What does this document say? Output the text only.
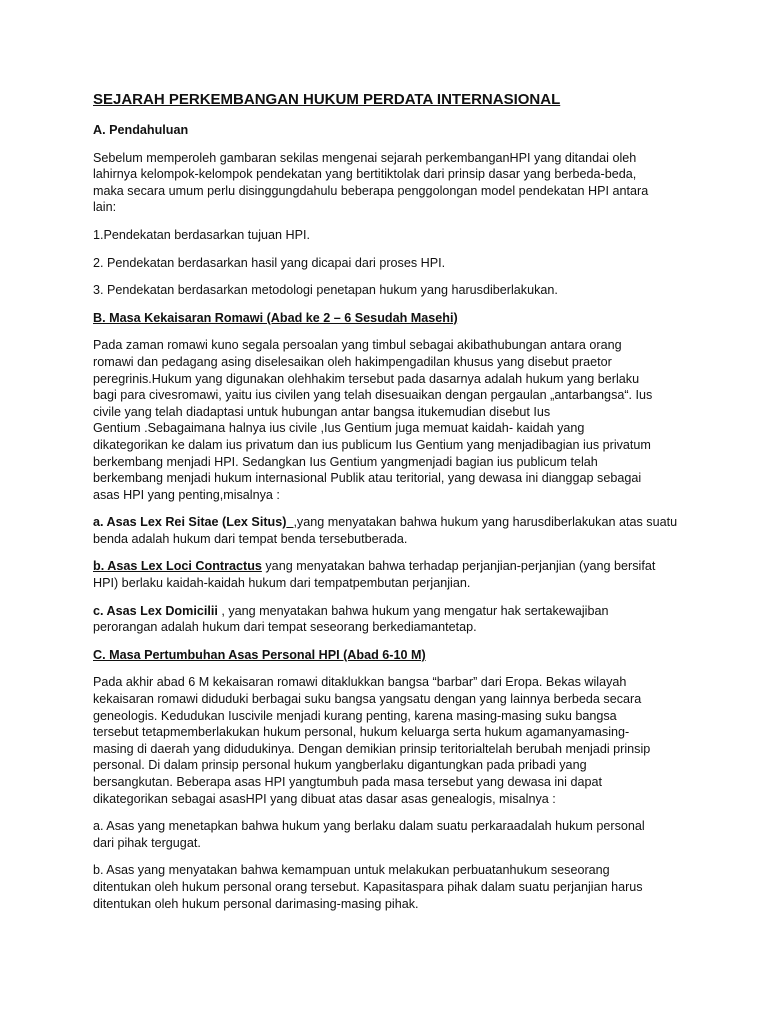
SEJARAH PERKEMBANGAN HUKUM PERDATA INTERNASIONAL
A. Pendahuluan

Sebelum memperoleh gambaran sekilas mengenai sejarah perkembanganHPI yang ditandai oleh
lahirnya kelompok-kelompok pendekatan yang bertitiktolak dari prinsip dasar yang berbeda-beda,
maka secara umum perlu disinggungdahulu beberapa penggolongan model pendekatan HPI antara
lain:

1.Pendekatan berdasarkan tujuan HPI.

2. Pendekatan berdasarkan hasil yang dicapai dari proses HPI.

3. Pendekatan berdasarkan metodologi penetapan hukum yang harusdiberlakukan.

B. Masa Kekaisaran Romawi (Abad ke 2 – 6 Sesudah Masehi)

Pada zaman romawi kuno segala persoalan yang timbul sebagai akibathubungan antara orang
romawi dan pedagang asing diselesaikan oleh hakimpengadilan khusus yang disebut praetor
peregrinis.Hukum yang digunakan olehhakim tersebut pada dasarnya adalah hukum yang berlaku
bagi para civesromawi, yaitu ius civilen yang telah disesuaikan dengan pergaulan „antarbangsa“. Ius
civile yang telah diadaptasi untuk hubungan antar bangsa itukemudian disebut Ius
Gentium .Sebagaimana halnya ius civile ,Ius Gentium juga memuat kaidah- kaidah yang
dikategorikan ke dalam ius privatum dan ius publicum Ius Gentium yang menjadibagian ius privatum
berkembang menjadi HPI. Sedangkan Ius Gentium yangmenjadi bagian ius publicum telah
berkembang menjadi hukum internasional Publik atau teritorial, yang dewasa ini dianggap sebagai
asas HPI yang penting,misalnya :

a. Asas Lex Rei Sitae (Lex Situs)_,yang menyatakan bahwa hukum yang harusdiberlakukan atas suatu
benda adalah hukum dari tempat benda tersebutberada.

b. Asas Lex Loci Contractus yang menyatakan bahwa terhadap perjanjian-perjanjian (yang bersifat
HPI) berlaku kaidah-kaidah hukum dari tempatpembutan perjanjian.

c. Asas Lex Domicilii , yang menyatakan bahwa hukum yang mengatur hak sertakewajiban
perorangan adalah hukum dari tempat seseorang berkediamantetap.

C. Masa Pertumbuhan Asas Personal HPI (Abad 6-10 M)

Pada akhir abad 6 M kekaisaran romawi ditaklukkan bangsa “barbar” dari Eropa. Bekas wilayah
kekaisaran romawi diduduki berbagai suku bangsa yangsatu dengan yang lainnya berbeda secara
geneologis. Kedudukan Iuscivile menjadi kurang penting, karena masing-masing suku bangsa
tersebut tetapmemberlakukan hukum personal, hukum keluarga serta hukum agamanyamasing-
masing di daerah yang didudukinya. Dengan demikian prinsip teritorialtelah berubah menjadi prinsip
personal. Di dalam prinsip personal hukum yangberlaku digantungkan pada pribadi yang
bersangkutan. Beberapa asas HPI yangtumbuh pada masa tersebut yang dewasa ini dapat
dikategorikan sebagai asasHPI yang dibuat atas dasar asas genealogis, misalnya :

a. Asas yang menetapkan bahwa hukum yang berlaku dalam suatu perkaraadalah hukum personal
dari pihak tergugat.

b. Asas yang menyatakan bahwa kemampuan untuk melakukan perbuatanhukum seseorang
ditentukan oleh hukum personal orang tersebut. Kapasitaspara pihak dalam suatu perjanjian harus
ditentukan oleh hukum personal darimasing-masing pihak.
